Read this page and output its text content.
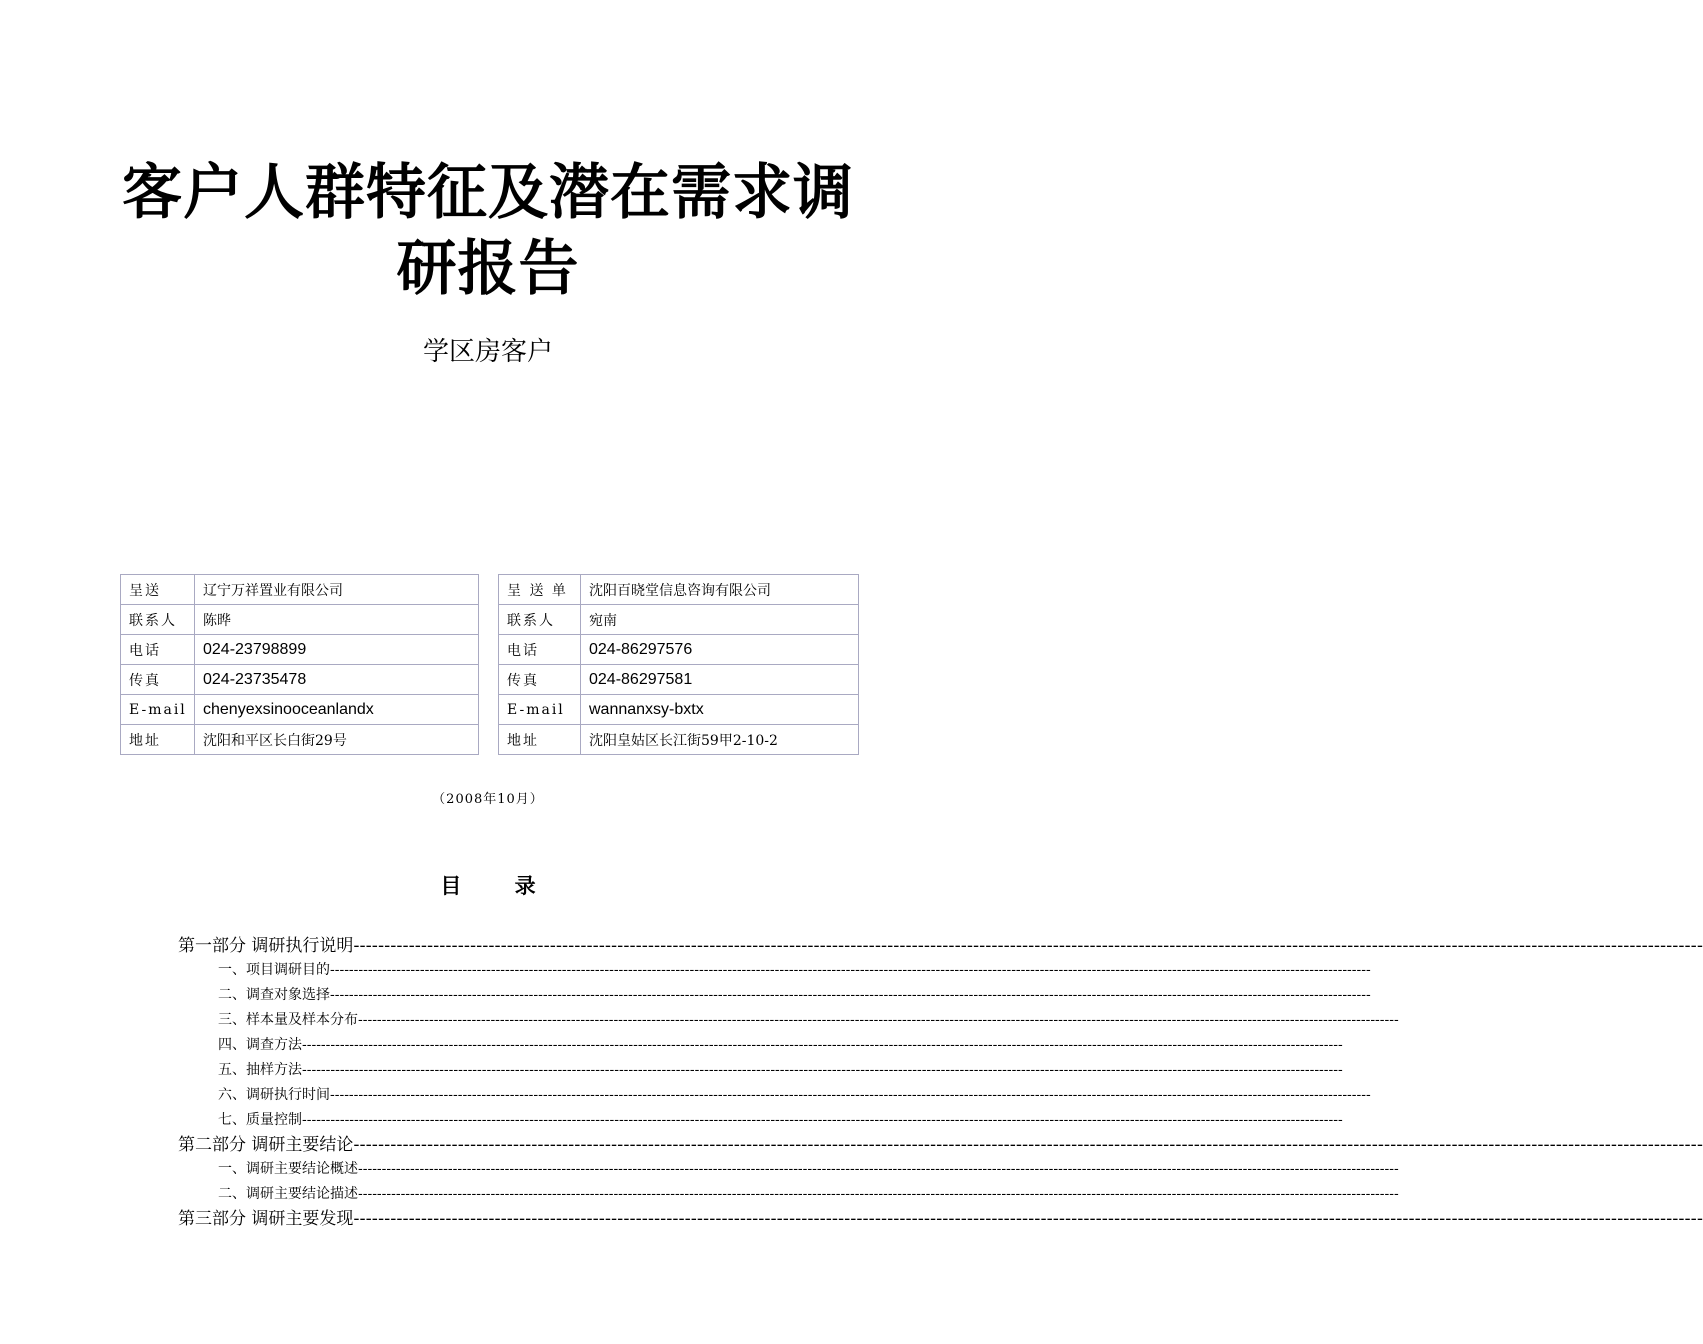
客户人群特征及潜在需求调
研报告
学区房客户
呈送	辽宁万祥置业有限公司
联系人	陈晔
电话	024-23798899
传真	024-23735478
E-mail	chenyexsinooceanlandx
地址	沈阳和平区长白街29号
呈 送 单	沈阳百晓堂信息咨询有限公司
联系人	宛南
电话	024-86297576
传真	024-86297581
E-mail	wannanxsy-bxtx
地址	沈阳皇姑区长江街59甲2-10-2
（2008年10月）
目 录
第一部分 调研执行说明----------------------------------------------------------------------------------------------------------------------------------------------------------------------------------------------------------------------------
一、项目调研目的----------------------------------------------------------------------------------------------------------------------------------------------------------------------------------------------------------------------------
二、调查对象选择----------------------------------------------------------------------------------------------------------------------------------------------------------------------------------------------------------------------------
三、样本量及样本分布----------------------------------------------------------------------------------------------------------------------------------------------------------------------------------------------------------------------------
四、调查方法----------------------------------------------------------------------------------------------------------------------------------------------------------------------------------------------------------------------------
五、抽样方法----------------------------------------------------------------------------------------------------------------------------------------------------------------------------------------------------------------------------
六、调研执行时间----------------------------------------------------------------------------------------------------------------------------------------------------------------------------------------------------------------------------
七、质量控制----------------------------------------------------------------------------------------------------------------------------------------------------------------------------------------------------------------------------
第二部分 调研主要结论----------------------------------------------------------------------------------------------------------------------------------------------------------------------------------------------------------------------------
一、调研主要结论概述----------------------------------------------------------------------------------------------------------------------------------------------------------------------------------------------------------------------------
二、调研主要结论描述----------------------------------------------------------------------------------------------------------------------------------------------------------------------------------------------------------------------------
第三部分 调研主要发现----------------------------------------------------------------------------------------------------------------------------------------------------------------------------------------------------------------------------
